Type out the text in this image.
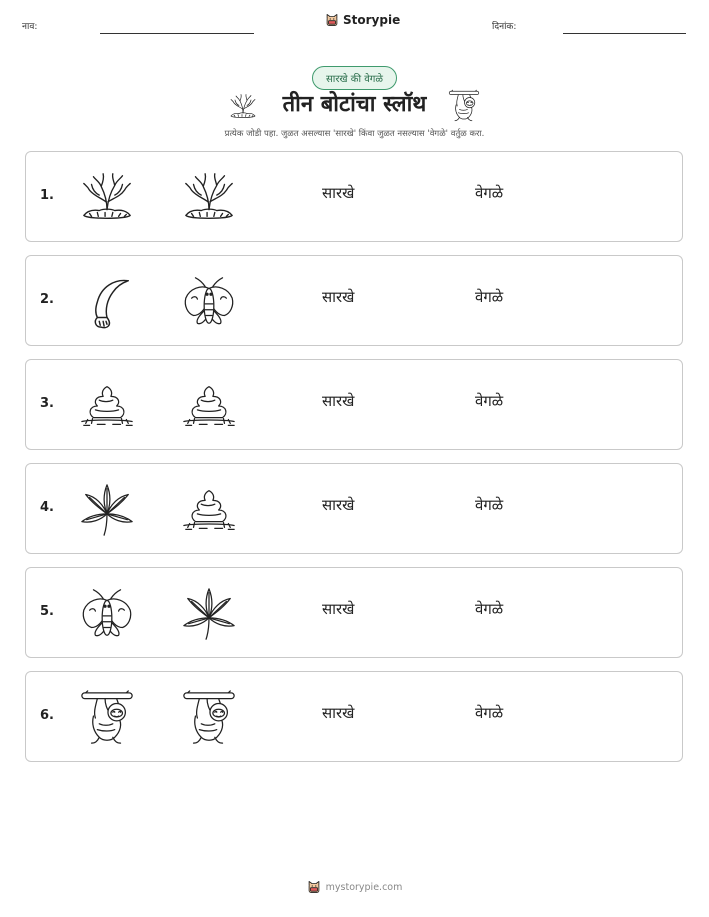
नाव:	Storypie	दिनांक:
सारखे की वेगळे
तीन बोटांचा स्लॉथ
प्रत्येक जोडी पहा. जुळत असल्यास 'सारखे' किंवा जुळत नसल्यास 'वेगळे' वर्तुळ करा.
1.	सारखे	वेगळे
2.	सारखे	वेगळे
3.	सारखे	वेगळे
4.	सारखे	वेगळे
5.	सारखे	वेगळे
6.	सारखे	वेगळे
mystorypie.com
